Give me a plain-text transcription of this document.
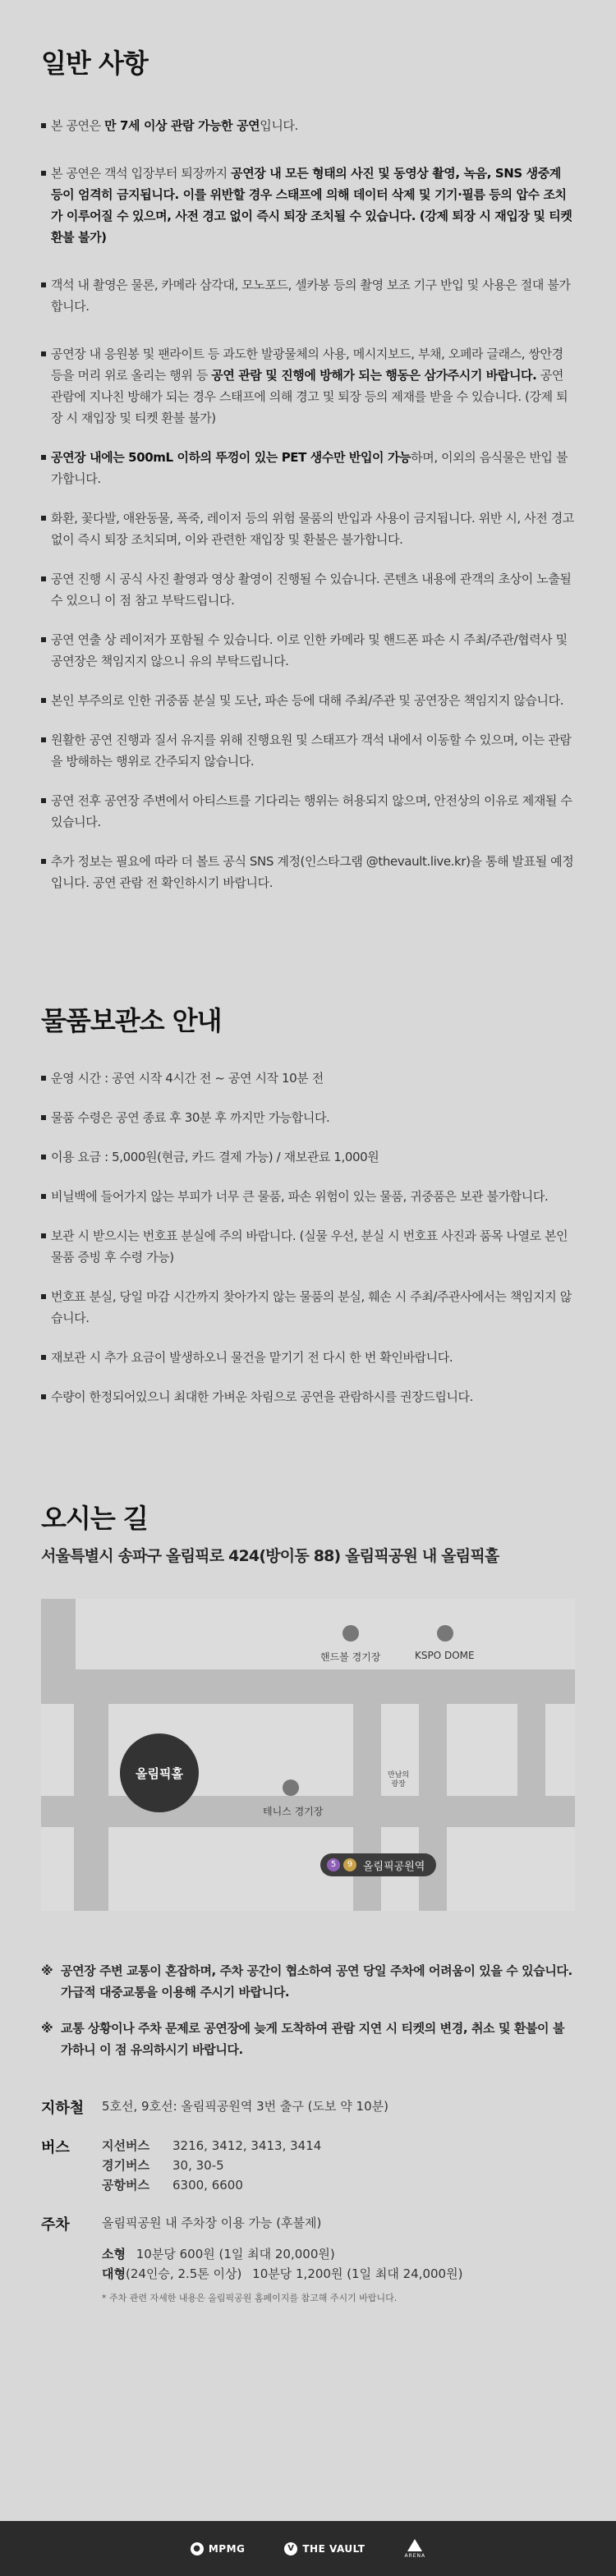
일반 사항
본 공연은 만 7세 이상 관람 가능한 공연입니다.
본 공연은 객석 입장부터 퇴장까지 공연장 내 모든 형태의 사진 및 동영상 촬영, 녹음, SNS 생중계 등이 엄격히 금지됩니다. 이를 위반할 경우 스태프에 의해 데이터 삭제 및 기기·필름 등의 압수 조치가 이루어질 수 있으며, 사전 경고 없이 즉시 퇴장 조치될 수 있습니다. (강제 퇴장 시 재입장 및 티켓 환불 불가)
객석 내 촬영은 물론, 카메라 삼각대, 모노포드, 셀카봉 등의 촬영 보조 기구 반입 및 사용은 절대 불가합니다.
공연장 내 응원봉 및 팬라이트 등 과도한 발광물체의 사용, 메시지보드, 부채, 오페라 글래스, 쌍안경 등을 머리 위로 올리는 행위 등 공연 관람 및 진행에 방해가 되는 행동은 삼가주시기 바랍니다. 공연 관람에 지나친 방해가 되는 경우 스태프에 의해 경고 및 퇴장 등의 제재를 받을 수 있습니다. (강제 퇴장 시 재입장 및 티켓 환불 불가)
공연장 내에는 500mL 이하의 뚜껑이 있는 PET 생수만 반입이 가능하며, 이외의 음식물은 반입 불가합니다.
화환, 꽃다발, 애완동물, 폭죽, 레이저 등의 위험 물품의 반입과 사용이 금지됩니다. 위반 시, 사전 경고 없이 즉시 퇴장 조치되며, 이와 관련한 재입장 및 환불은 불가합니다.
공연 진행 시 공식 사진 촬영과 영상 촬영이 진행될 수 있습니다. 콘텐츠 내용에 관객의 초상이 노출될 수 있으니 이 점 참고 부탁드립니다.
공연 연출 상 레이저가 포함될 수 있습니다. 이로 인한 카메라 및 핸드폰 파손 시 주최/주관/협력사 및 공연장은 책임지지 않으니 유의 부탁드립니다.
본인 부주의로 인한 귀중품 분실 및 도난, 파손 등에 대해 주최/주관 및 공연장은 책임지지 않습니다.
원활한 공연 진행과 질서 유지를 위해 진행요원 및 스태프가 객석 내에서 이동할 수 있으며, 이는 관람을 방해하는 행위로 간주되지 않습니다.
공연 전후 공연장 주변에서 아티스트를 기다리는 행위는 허용되지 않으며, 안전상의 이유로 제재될 수 있습니다.
추가 정보는 필요에 따라 더 볼트 공식 SNS 계정(인스타그램 @thevault.live.kr)을 통해 발표될 예정입니다. 공연 관람 전 확인하시기 바랍니다.
물품보관소 안내
운영 시간 : 공연 시작 4시간 전 ~ 공연 시작 10분 전
물품 수령은 공연 종료 후 30분 후 까지만 가능합니다.
이용 요금 : 5,000원(현금, 카드 결제 가능) / 재보관료 1,000원
비닐백에 들어가지 않는 부피가 너무 큰 물품, 파손 위험이 있는 물품, 귀중품은 보관 불가합니다.
보관 시 받으시는 번호표 분실에 주의 바랍니다. (실물 우선, 분실 시 번호표 사진과 품목 나열로 본인 물품 증빙 후 수령 가능)
번호표 분실, 당일 마감 시간까지 찾아가지 않는 물품의 분실, 훼손 시 주최/주관사에서는 책임지지 않습니다.
재보관 시 추가 요금이 발생하오니 물건을 맡기기 전 다시 한 번 확인바랍니다.
수량이 한정되어있으니 최대한 가벼운 차림으로 공연을 관람하시를 권장드립니다.
오시는 길
서울특별시 송파구 올림픽로 424(방이동 88) 올림픽공원 내 올림픽홀
핸드볼 경기장	KSPO DOME
올림픽홀
테니스 경기장
만남의
광장
5	9 올림픽공원역
※ 공연장 주변 교통이 혼잡하며, 주차 공간이 협소하여 공연 당일 주차에 어려움이 있을 수 있습니다. 가급적 대중교통을 이용해 주시기 바랍니다.
※ 교통 상황이나 주차 문제로 공연장에 늦게 도착하여 관람 지연 시 티켓의 변경, 취소 및 환불이 불가하니 이 점 유의하시기 바랍니다.
지하철	5호선, 9호선: 올림픽공원역 3번 출구 (도보 약 10분)
버스	지선버스	3216, 3412, 3413, 3414
경기버스	30, 30-5
공항버스	6300, 6600
주차	올림픽공원 내 주차장 이용 가능 (후불제)
소형 10분당 600원 (1일 최대 20,000원)
대형(24인승, 2.5톤 이상) 10분당 1,200원 (1일 최대 24,000원)
* 주차 관련 자세한 내용은 올림픽공원 홈페이지를 참고해 주시기 바랍니다.
● MPMG	V THE VAULT
ARENA
